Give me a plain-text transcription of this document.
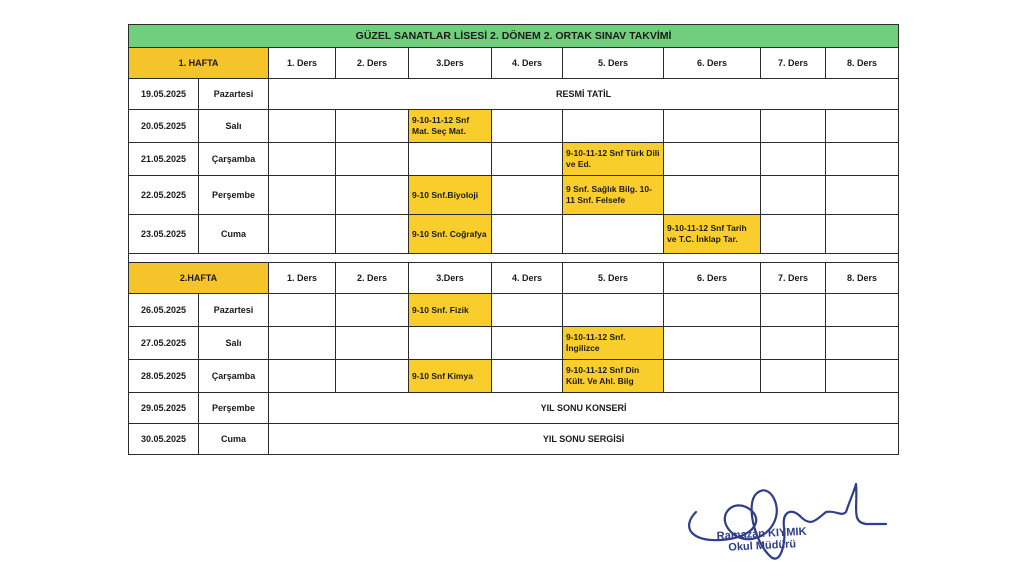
GÜZEL SANATLAR LİSESİ 2. DÖNEM 2. ORTAK SINAV TAKVİMİ									
1. HAFTA		1. Ders	2. Ders	3.Ders	4. Ders	5. Ders	6. Ders	7. Ders	8. Ders
19.05.2025	Pazartesi	RESMİ TATİL							
20.05.2025	Salı			9-10-11-12 Snf Mat. Seç Mat.					
21.05.2025	Çarşamba					9-10-11-12 Snf Türk Dili ve Ed.			
22.05.2025	Perşembe			9-10 Snf.Biyoloji		9 Snf. Sağlık Bilg. 10-11 Snf. Felsefe			
23.05.2025	Cuma			9-10 Snf. Coğrafya			9-10-11-12 Snf Tarih ve T.C. İnklap Tar.		

2.HAFTA		1. Ders	2. Ders	3.Ders	4. Ders	5. Ders	6. Ders	7. Ders	8. Ders
26.05.2025	Pazartesi			9-10 Snf. Fizik					
27.05.2025	Salı					9-10-11-12 Snf. İngilizce			
28.05.2025	Çarşamba			9-10 Snf Kimya		9-10-11-12 Snf Din Kült. Ve Ahl. Bilg			
29.05.2025	Perşembe	YIL SONU KONSERİ							
30.05.2025	Cuma	YIL SONU SERGİSİ							
Ramazan KIYMIK
Okul Müdürü
